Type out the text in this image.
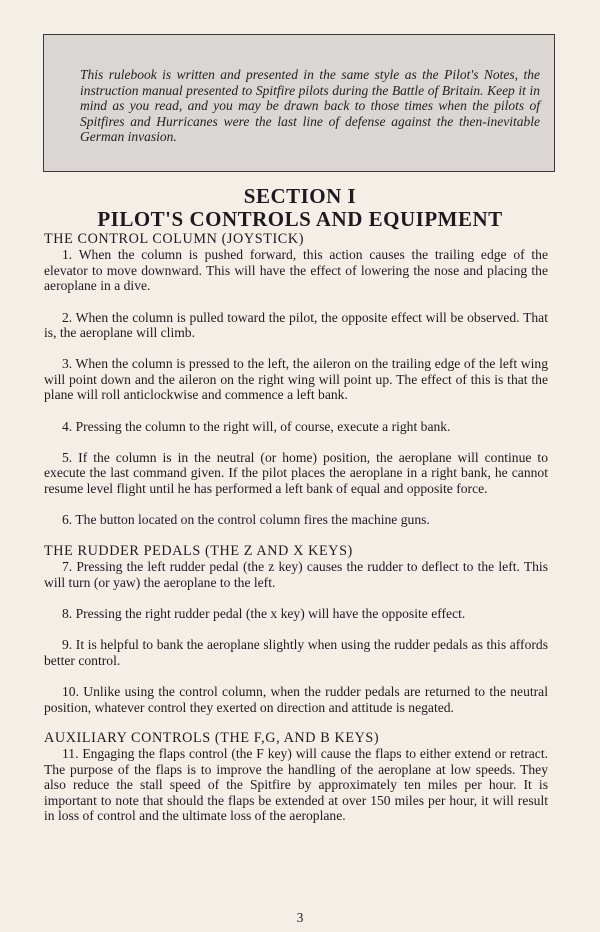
This rulebook is written and presented in the same style as the Pilot's Notes, the instruction manual presented to Spitfire pilots during the Battle of Britain. Keep it in mind as you read, and you may be drawn back to those times when the pilots of Spitfires and Hurricanes were the last line of defense against the then-inevitable German invasion.

SECTION I
PILOT'S CONTROLS AND EQUIPMENT

THE CONTROL COLUMN (JOYSTICK)

1. When the column is pushed forward, this action causes the trailing edge of the elevator to move downward. This will have the effect of lowering the nose and placing the aeroplane in a dive.

2. When the column is pulled toward the pilot, the opposite effect will be observed. That is, the aeroplane will climb.

3. When the column is pressed to the left, the aileron on the trailing edge of the left wing will point down and the aileron on the right wing will point up. The effect of this is that the plane will roll anticlockwise and commence a left bank.

4. Pressing the column to the right will, of course, execute a right bank.

5. If the column is in the neutral (or home) position, the aeroplane will continue to execute the last command given. If the pilot places the aeroplane in a right bank, he cannot resume level flight until he has performed a left bank of equal and opposite force.

6. The button located on the control column fires the machine guns.

THE RUDDER PEDALS (THE Z AND X KEYS)

7. Pressing the left rudder pedal (the z key) causes the rudder to deflect to the left. This will turn (or yaw) the aeroplane to the left.

8. Pressing the right rudder pedal (the x key) will have the opposite effect.

9. It is helpful to bank the aeroplane slightly when using the rudder pedals as this affords better control.

10. Unlike using the control column, when the rudder pedals are returned to the neutral position, whatever control they exerted on direction and attitude is negated.

AUXILIARY CONTROLS (THE F,G, AND B KEYS)

11. Engaging the flaps control (the F key) will cause the flaps to either extend or retract. The purpose of the flaps is to improve the handling of the aeroplane at low speeds. They also reduce the stall speed of the Spitfire by approximately ten miles per hour. It is important to note that should the flaps be extended at over 150 miles per hour, it will result in loss of control and the ultimate loss of the aeroplane.

3
